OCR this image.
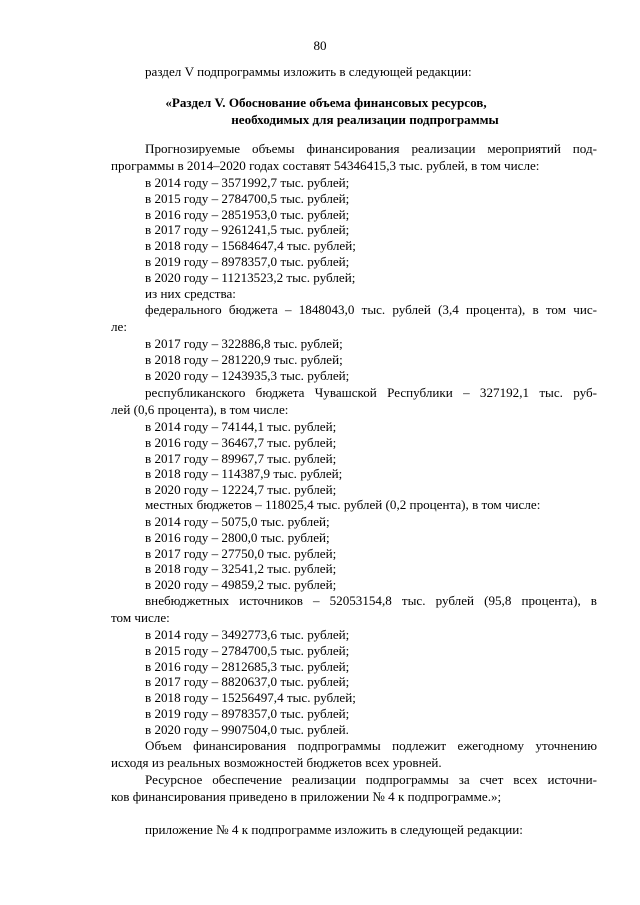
80
раздел V подпрограммы изложить в следующей редакции:
«Раздел V. Обоснование объема финансовых ресурсов,
необходимых для реализации подпрограммы
Прогнозируемые объемы финансирования реализации мероприятий под-
программы в 2014–2020 годах составят 54346415,3 тыс. рублей, в том числе:
в 2014 году – 3571992,7 тыс. рублей;
в 2015 году – 2784700,5 тыс. рублей;
в 2016 году – 2851953,0 тыс. рублей;
в 2017 году – 9261241,5 тыс. рублей;
в 2018 году – 15684647,4 тыс. рублей;
в 2019 году – 8978357,0 тыс. рублей;
в 2020 году – 11213523,2 тыс. рублей;
из них средства:
федерального бюджета – 1848043,0 тыс. рублей (3,4 процента), в том чис-
ле:
в 2017 году – 322886,8 тыс. рублей;
в 2018 году – 281220,9 тыс. рублей;
в 2020 году – 1243935,3 тыс. рублей;
республиканского бюджета Чувашской Республики – 327192,1 тыс. руб-
лей (0,6 процента), в том числе:
в 2014 году – 74144,1 тыс. рублей;
в 2016 году – 36467,7 тыс. рублей;
в 2017 году – 89967,7 тыс. рублей;
в 2018 году – 114387,9 тыс. рублей;
в 2020 году – 12224,7 тыс. рублей;
местных бюджетов – 118025,4 тыс. рублей (0,2 процента), в том числе:
в 2014 году – 5075,0 тыс. рублей;
в 2016 году – 2800,0 тыс. рублей;
в 2017 году – 27750,0 тыс. рублей;
в 2018 году – 32541,2 тыс. рублей;
в 2020 году – 49859,2 тыс. рублей;
внебюджетных источников – 52053154,8 тыс. рублей (95,8 процента), в
том числе:
в 2014 году – 3492773,6 тыс. рублей;
в 2015 году – 2784700,5 тыс. рублей;
в 2016 году – 2812685,3 тыс. рублей;
в 2017 году – 8820637,0 тыс. рублей;
в 2018 году – 15256497,4 тыс. рублей;
в 2019 году – 8978357,0 тыс. рублей;
в 2020 году – 9907504,0 тыс. рублей.
Объем финансирования подпрограммы подлежит ежегодному уточнению
исходя из реальных возможностей бюджетов всех уровней.
Ресурсное обеспечение реализации подпрограммы за счет всех источни-
ков финансирования приведено в приложении № 4 к подпрограмме.»;
приложение № 4 к подпрограмме изложить в следующей редакции:
